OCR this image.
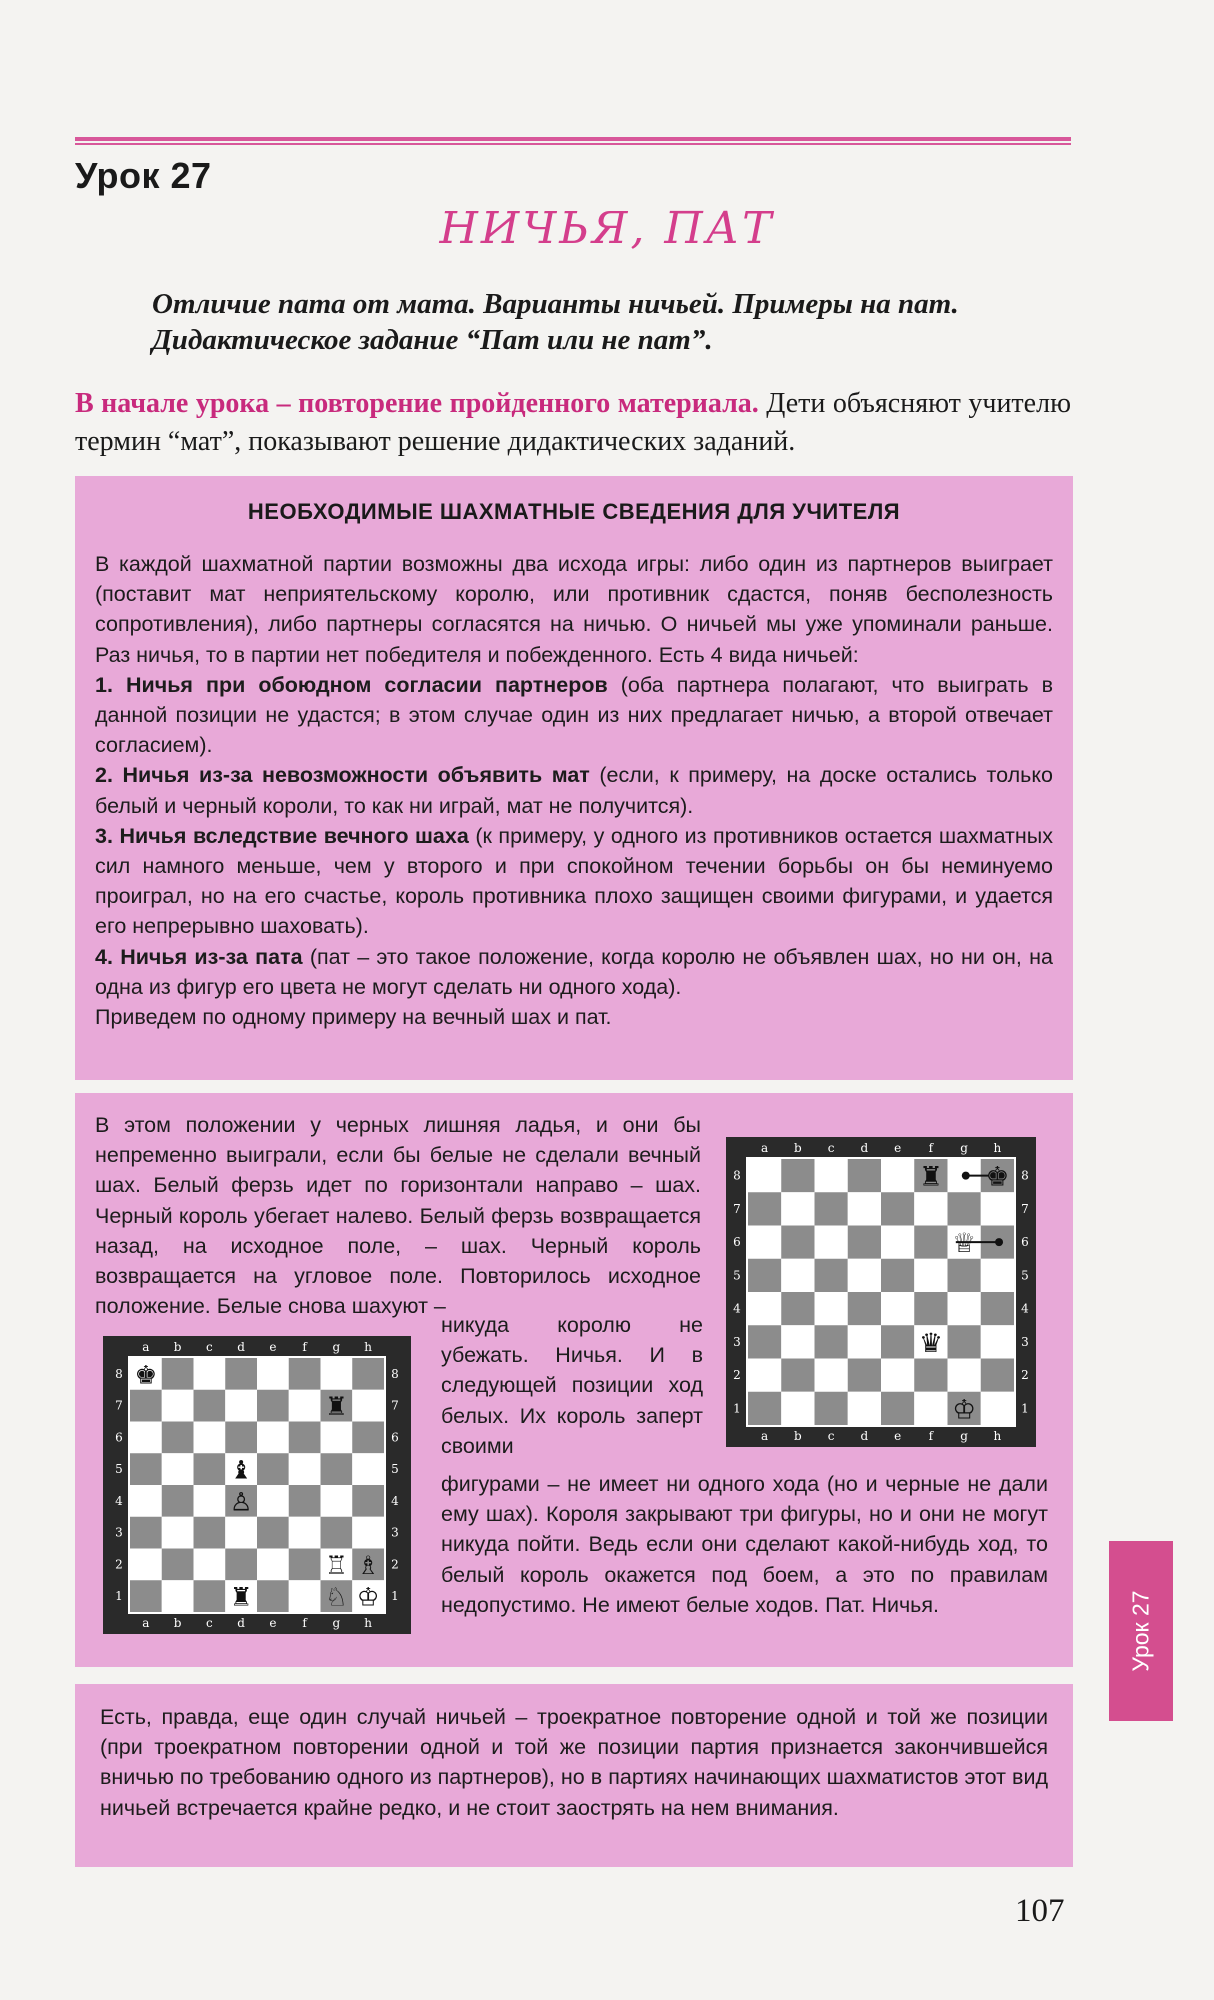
Урок 27
НИЧЬЯ, ПАТ

Отличие пата от мата. Варианты ничьей. Примеры на пат.

Дидактическое задание “Пат или не пат”.

В начале урока – повторение пройденного материала. Дети объясняют учителю термин “мат”, показывают решение дидактических заданий.
НЕОБХОДИМЫЕ ШАХМАТНЫЕ СВЕДЕНИЯ ДЛЯ УЧИТЕЛЯ

В каждой шахматной партии возможны два исхода игры: либо один из партнеров выиграет (поставит мат неприятельскому королю, или противник сдастся, поняв бесполезность сопротивления), либо партнеры согласятся на ничью. О ничьей мы уже упоминали раньше. Раз ничья, то в партии нет победителя и побежденного. Есть 4 вида ничьей:

1. Ничья при обоюдном согласии партнеров (оба партнера полагают, что выиграть в данной позиции не удастся; в этом случае один из них предлагает ничью, а второй отвечает согласием).

2. Ничья из-за невозможности объявить мат (если, к примеру, на доске остались только белый и черный короли, то как ни играй, мат не получится).

3. Ничья вследствие вечного шаха (к примеру, у одного из противников остается шахматных сил намного меньше, чем у второго и при спокойном течении борьбы он бы неминуемо проиграл, но на его счастье, король противника плохо защищен своими фигурами, и удается его непрерывно шаховать).

4. Ничья из-за пата (пат – это такое положение, когда королю не объявлен шах, но ни он, на одна из фигур его цвета не могут сделать ни одного хода).

Приведем по одному примеру на вечный шах и пат.

В этом положении у черных лишняя ладья, и они бы непременно выиграли, если бы белые не сделали вечный шах. Белый ферзь идет по горизонтали направо – шах. Черный король убегает налево. Белый ферзь возвращается назад, на исходное поле, – шах. Черный король возвращается на угловое поле. Повторилось исходное положение. Белые снова шахуют –
никуда королю не убежать. Ничья. И в следующей позиции ход белых. Их король заперт своими
фигурами – не имеет ни одного хода (но и черные не дали ему шах). Короля закрывают три фигуры, но и они не могут никуда пойти. Ведь если они сделают какой-нибудь ход, то белый король окажется под боем, а это по правилам недопустимо. Не имеют белые ходов. Пат. Ничья.
a
a
b
b
c
c
d
d
e
e
f
f
g
g
h
h
8	8
7	7
6	6
5	5
4	4
3	3
2	2
1	1
♜ ♚
♕
♛
♔
a
a
b
b
c
c
d
d
e
e
f
f
g
g
h
h
8	8
7	7
6	6
5	5
4	4
3	3
2	2
1	1
♚
♜
♝
♙
♖ ♗
♜	♘ ♔
Есть, правда, еще один случай ничьей – троекратное повторение одной и той же позиции (при троекратном повторении одной и той же позиции партия признается закончившейся вничью по требованию одного из партнеров), но в партиях начинающих шахматистов этот вид ничьей встречается крайне редко, и не стоит заострять на нем внимания.
Урок 27
107
